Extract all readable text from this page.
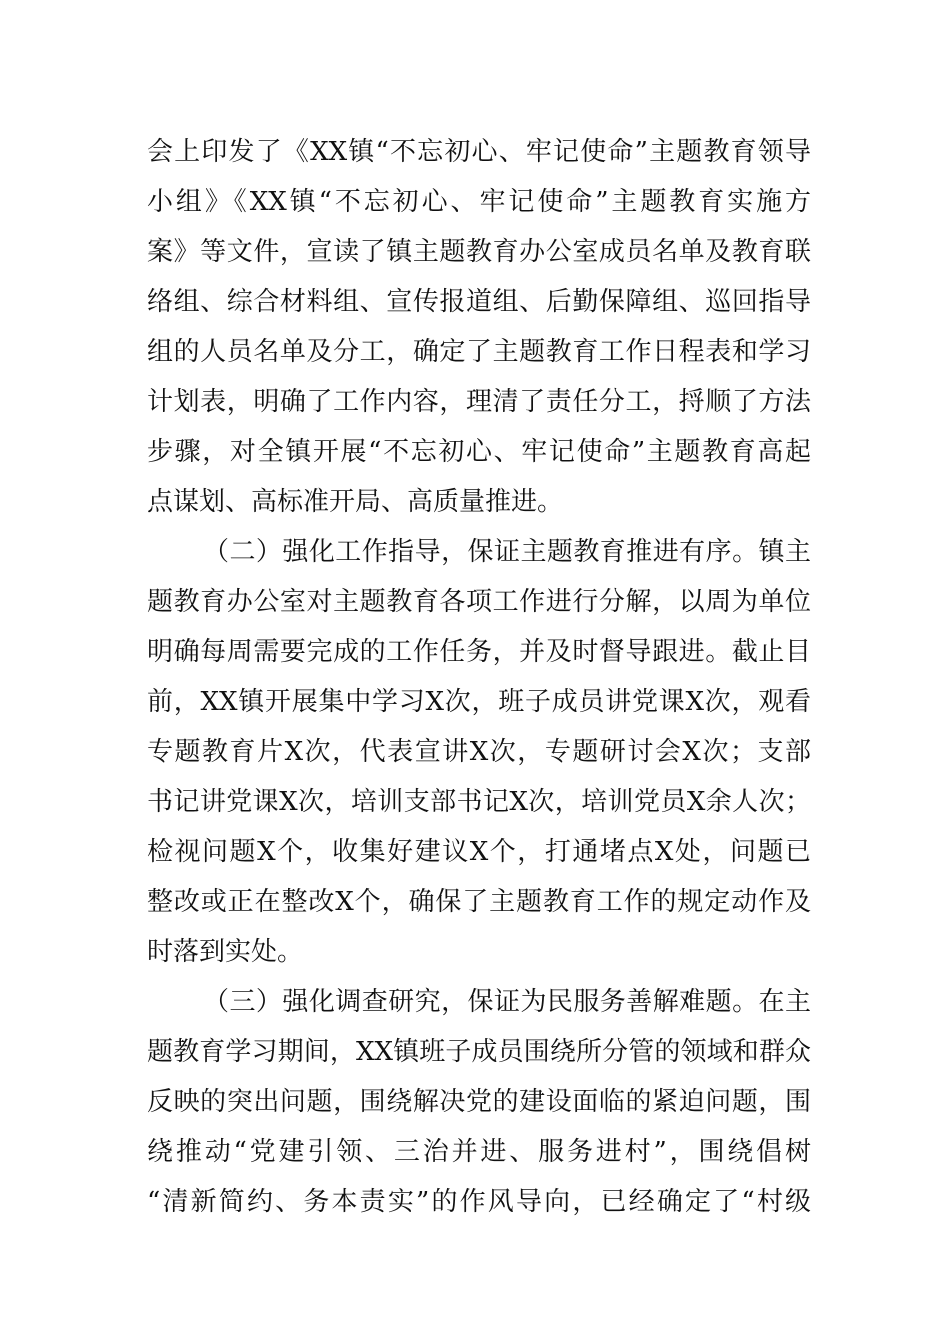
会上印发了《XX镇“不忘初心、牢记使命”主题教育领导
小组》《XX镇“不忘初心、牢记使命”主题教育实施方
案》等文件，宣读了镇主题教育办公室成员名单及教育联
络组、综合材料组、宣传报道组、后勤保障组、巡回指导
组的人员名单及分工，确定了主题教育工作日程表和学习
计划表，明确了工作内容，理清了责任分工，捋顺了方法
步骤，对全镇开展“不忘初心、牢记使命”主题教育高起
点谋划、高标准开局、高质量推进。
（二）强化工作指导，保证主题教育推进有序。镇主
题教育办公室对主题教育各项工作进行分解，以周为单位
明确每周需要完成的工作任务，并及时督导跟进。截止目
前，XX镇开展集中学习X次，班子成员讲党课X次，观看
专题教育片X次，代表宣讲X次，专题研讨会X次；支部
书记讲党课X次，培训支部书记X次，培训党员X余人次；
检视问题X个，收集好建议X个，打通堵点X处，问题已
整改或正在整改X个，确保了主题教育工作的规定动作及
时落到实处。
（三）强化调查研究，保证为民服务善解难题。在主
题教育学习期间，XX镇班子成员围绕所分管的领域和群众
反映的突出问题，围绕解决党的建设面临的紧迫问题，围
绕推动“党建引领、三治并进、服务进村”，围绕倡树
“清新简约、务本责实”的作风导向，已经确定了“村级
